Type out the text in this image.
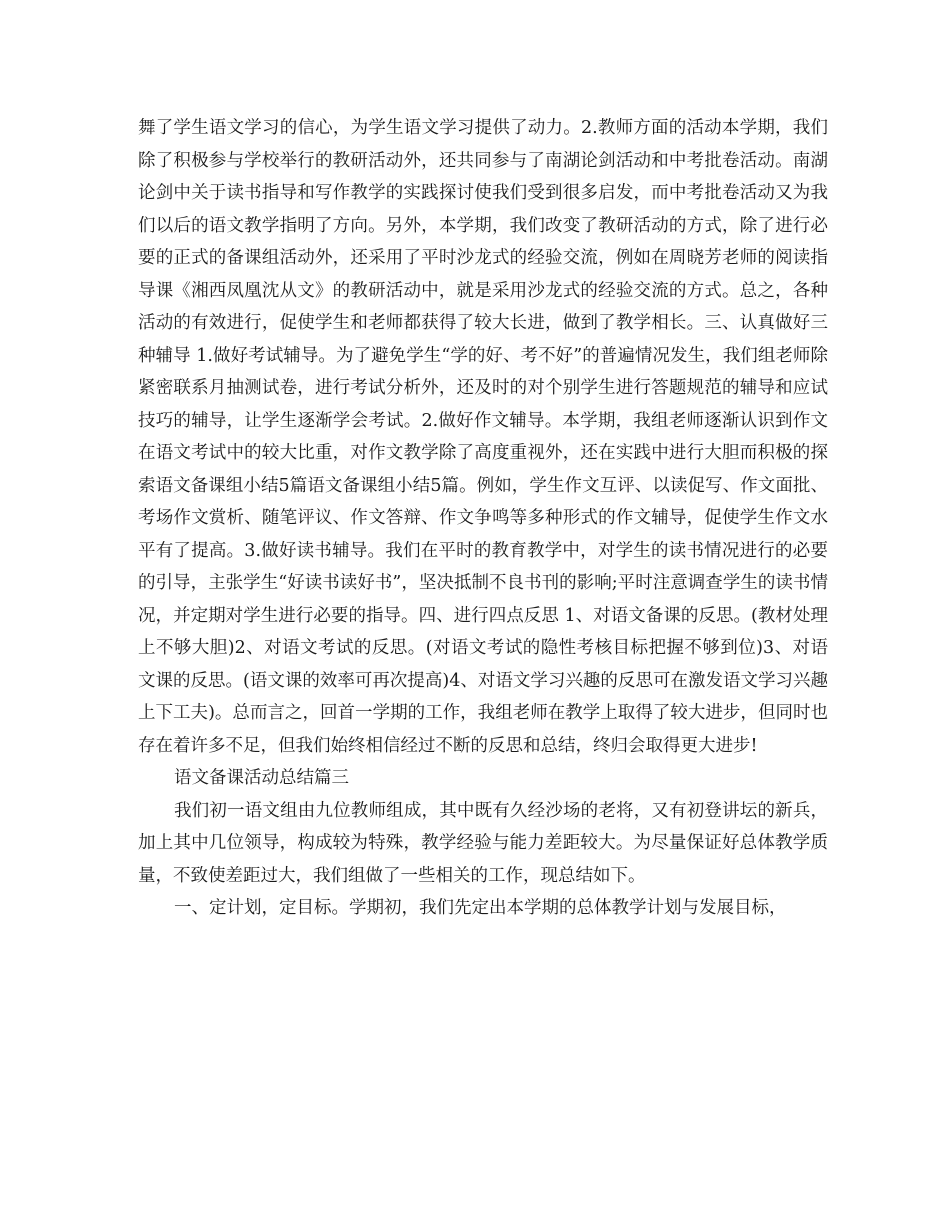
舞了学生语文学习的信心，为学生语文学习提供了动力。2.教师方面的活动本学期，我们除了积极参与学校举行的教研活动外，还共同参与了南湖论剑活动和中考批卷活动。南湖论剑中关于读书指导和写作教学的实践探讨使我们受到很多启发，而中考批卷活动又为我们以后的语文教学指明了方向。另外，本学期，我们改变了教研活动的方式，除了进行必要的正式的备课组活动外，还采用了平时沙龙式的经验交流，例如在周晓芳老师的阅读指导课《湘西凤凰沈从文》的教研活动中，就是采用沙龙式的经验交流的方式。总之，各种活动的有效进行，促使学生和老师都获得了较大长进，做到了教学相长。三、认真做好三种辅导 1.做好考试辅导。为了避免学生“学的好、考不好”的普遍情况发生，我们组老师除紧密联系月抽测试卷，进行考试分析外，还及时的对个别学生进行答题规范的辅导和应试技巧的辅导，让学生逐渐学会考试。2.做好作文辅导。本学期，我组老师逐渐认识到作文在语文考试中的较大比重，对作文教学除了高度重视外，还在实践中进行大胆而积极的探索语文备课组小结5篇语文备课组小结5篇。例如，学生作文互评、以读促写、作文面批、考场作文赏析、随笔评议、作文答辩、作文争鸣等多种形式的作文辅导，促使学生作文水平有了提高。3.做好读书辅导。我们在平时的教育教学中，对学生的读书情况进行的必要的引导，主张学生“好读书读好书”，坚决抵制不良书刊的影响;平时注意调查学生的读书情况，并定期对学生进行必要的指导。四、进行四点反思 1、对语文备课的反思。(教材处理上不够大胆)2、对语文考试的反思。(对语文考试的隐性考核目标把握不够到位)3、对语文课的反思。(语文课的效率可再次提高)4、对语文学习兴趣的反思可在激发语文学习兴趣上下工夫)。总而言之，回首一学期的工作，我组老师在教学上取得了较大进步，但同时也存在着许多不足，但我们始终相信经过不断的反思和总结，终归会取得更大进步!

语文备课活动总结篇三

我们初一语文组由九位教师组成，其中既有久经沙场的老将，又有初登讲坛的新兵，加上其中几位领导，构成较为特殊，教学经验与能力差距较大。为尽量保证好总体教学质量，不致使差距过大，我们组做了一些相关的工作，现总结如下。

一、定计划，定目标。学期初，我们先定出本学期的总体教学计划与发展目标，
